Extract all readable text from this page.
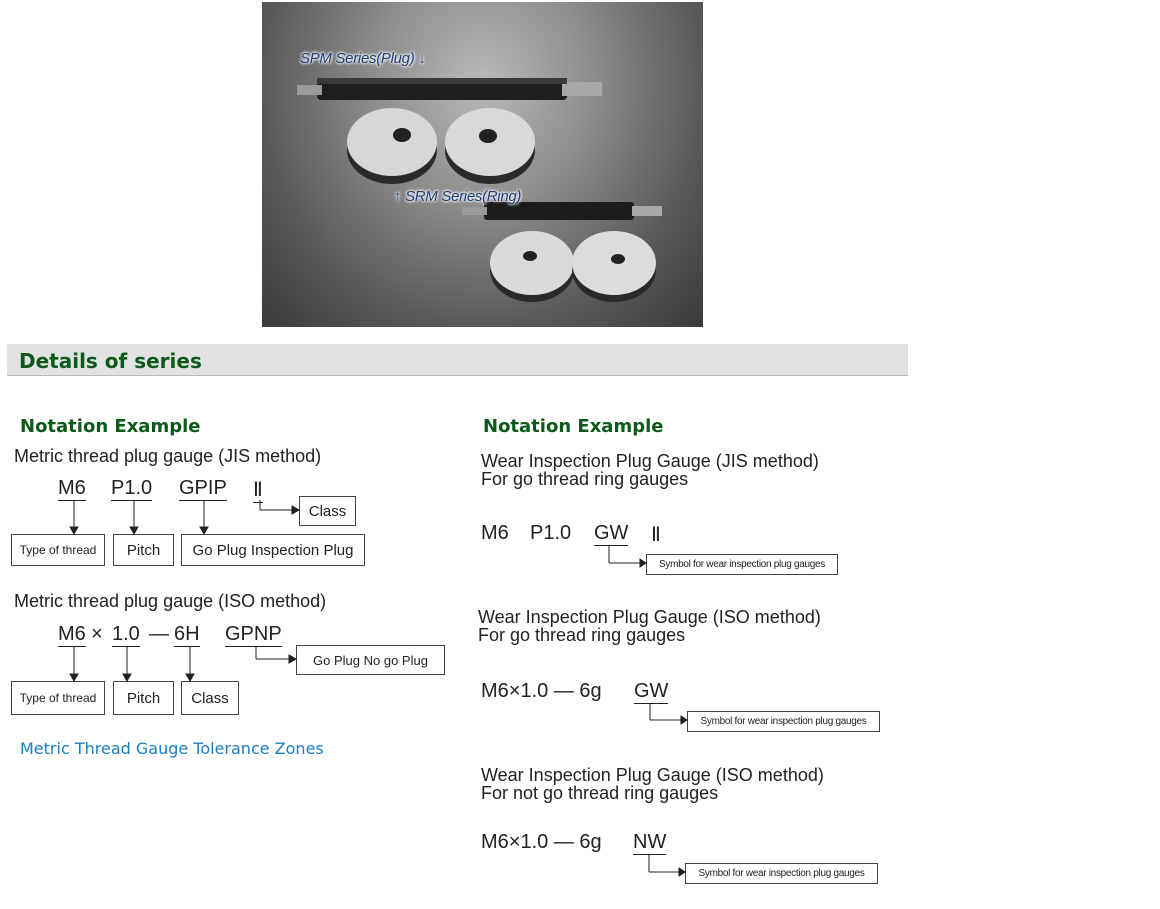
SPM Series(Plug) ↓
↑ SRM Series(Ring)
Details of series
Notation Example
Metric thread plug gauge (JIS method)
M6 P1.0 GPIP Ⅱ
Class
Type of thread	Pitch	Go Plug Inspection Plug
Metric thread plug gauge (ISO method)
M6 × 1.0 — 6H GPNP
Go Plug No go Plug
Type of thread	Pitch	Class
Metric Thread Gauge Tolerance Zones
Notation Example
Wear Inspection Plug Gauge (JIS method)
For go thread ring gauges
M6 P1.0 GW Ⅱ
Symbol for wear inspection plug gauges
Wear Inspection Plug Gauge (ISO method)
For go thread ring gauges
M6×1.0 — 6g GW
Symbol for wear inspection plug gauges
Wear Inspection Plug Gauge (ISO method)
For not go thread ring gauges
M6×1.0 — 6g NW
Symbol for wear inspection plug gauges
